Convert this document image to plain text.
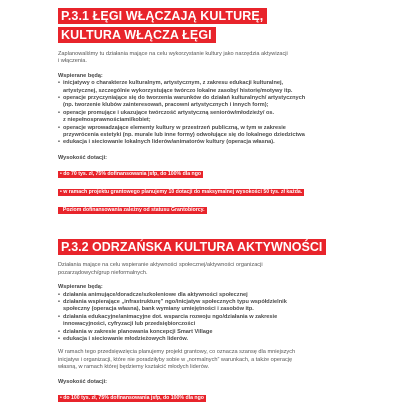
P.3.1 ŁĘGI WŁĄCZAJĄ KULTURĘ,
KULTURA WŁĄCZA ŁĘGI
Zaplanowaliśmy tu działania mające na celu wykorzystanie kultury jako narzędzia aktywizacji
i włączenia.
Wspierane będą:
• inicjatywy o charakterze kulturalnym, artystycznym, z zakresu edukacji kulturalnej,
artystycznej, szczególnie wykorzystujące twórczo lokalne zasoby/ historię/motywy itp.
• operacje przyczyniające się do tworzenia warunków do działań kulturalnych/ artystycznych
(np. tworzenie klubów zainteresowań, pracowni artystycznych i innych form);
• operacje promujące i ukazujące twórczość artystyczną seniorów/młodzieży/ os.
z niepełnosprawnościami/kobiet;
• operacje wprowadzające elementy kultury w przestrzeń publiczną, w tym w zakresie
przywrócenia estetyki (np. murale lub inne formy) odwołujące się do lokalnego dziedzictwa
• edukacja i sieciowanie lokalnych liderów/animatorów kultury (operacja własna).
Wysokość dotacji:
• do 70 tys. zł, 75% dofinansowania jsfp, do 100% dla ngo
• w ramach projektu grantowego planujemy 10 dotacji do maksymalnej wysokości 50 tys. zł każda.
Poziom dofinansowania zależny od statusu Grantobiorcy.
P.3.2 ODRZAŃSKA KULTURA AKTYWNOŚCI
Działania mające na celu wspieranie aktywności społecznej/aktywności organizacji
pozarządowych/grup nieformalnych.
Wspierane będą:
• działania animujące/doradcze/szkoleniowe dla aktywności społecznej
• działania wspierające „infrastrukturę” ngo/inicjatyw społecznych typu współdzielnik
społeczny (operacja własna), bank wymiany umiejętności i zasobów itp.
• działania edukacyjne/animacyjne dot. wsparcia rozwoju ngo/działania w zakresie
innowacyjności, cyfryzacji lub przedsiębiorczości
• działania w zakresie planowania koncepcji Smart Village
• edukacja i sieciowanie młodzieżowych liderów.
W ramach tego przedsięwzięcia planujemy projekt grantowy, co oznacza szansę dla mniejszych
inicjatyw i organizacji, które nie poradziłyby sobie w „normalnych” warunkach, a także operację
własną, w ramach której będziemy kształcić młodych liderów.
Wysokość dotacji:
• do 100 tys. zł, 75% dofinansowania jsfp, do 100% dla ngo
